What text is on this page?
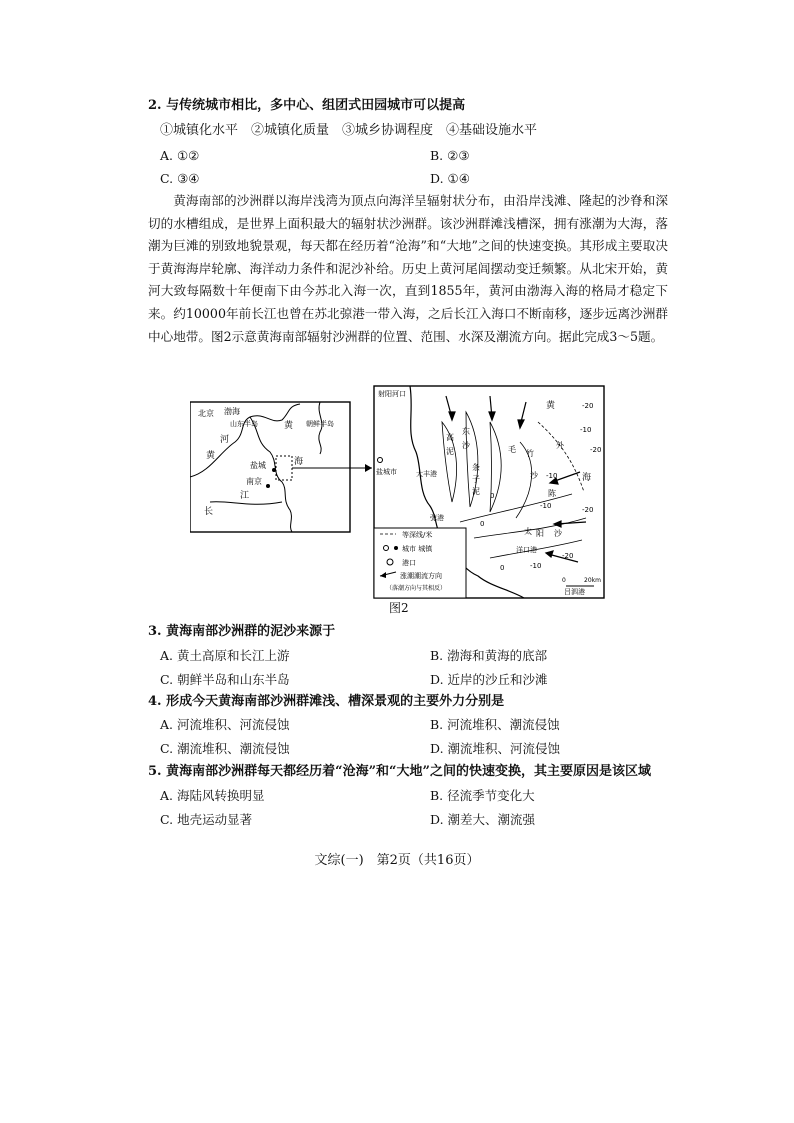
2. 与传统城市相比，多中心、组团式田园城市可以提高
①城镇化水平　②城镇化质量　③城乡协调程度　④基础设施水平
A. ①②	B. ②③
C. ③④	D. ①④
黄海南部的沙洲群以海岸浅湾为顶点向海洋呈辐射状分布，由沿岸浅滩、隆起的沙脊和深切的水槽组成，是世界上面积最大的辐射状沙洲群。该沙洲群滩浅槽深，拥有涨潮为大海，落潮为巨滩的别致地貌景观，每天都在经历着“沧海”和“大地”之间的快速变换。其形成主要取决于黄海海岸轮廓、海洋动力条件和泥沙补给。历史上黄河尾闾摆动变迁频繁。从北宋开始，黄河大致每隔数十年便南下由今苏北入海一次，直到1855年，黄河由渤海入海的格局才稳定下来。约10000年前长江也曾在苏北弶港一带入海，之后长江入海口不断南移，逐步远离沙洲群中心地带。图2示意黄海南部辐射沙洲群的位置、范围、水深及潮流方向。据此完成3～5题。
北京 渤海
黄
河
山东半岛	黄
海
朝鲜半岛
盐城
南京
江
长
等深线/米
城市 城镇
港口
涨潮潮流方向
（落潮方向与其相反）
0	20km
射阳河口
盐城市	大丰港
弶港
洋口港
吕泗港
黄
海
东
沙	毛 竹
外
沙
太 阳 沙
陈
条
子
泥
高
泥
-20
-10
-10
-10
-20
-20
0
0
0
-10
-20
图2
3. 黄海南部沙洲群的泥沙来源于
A. 黄土高原和长江上游	B. 渤海和黄海的底部
C. 朝鲜半岛和山东半岛	D. 近岸的沙丘和沙滩
4. 形成今天黄海南部沙洲群滩浅、槽深景观的主要外力分别是
A. 河流堆积、河流侵蚀	B. 河流堆积、潮流侵蚀
C. 潮流堆积、潮流侵蚀	D. 潮流堆积、河流侵蚀
5. 黄海南部沙洲群每天都经历着“沧海”和“大地”之间的快速变换，其主要原因是该区域
A. 海陆风转换明显	B. 径流季节变化大
C. 地壳运动显著	D. 潮差大、潮流强
文综(一)　第2页（共16页）
